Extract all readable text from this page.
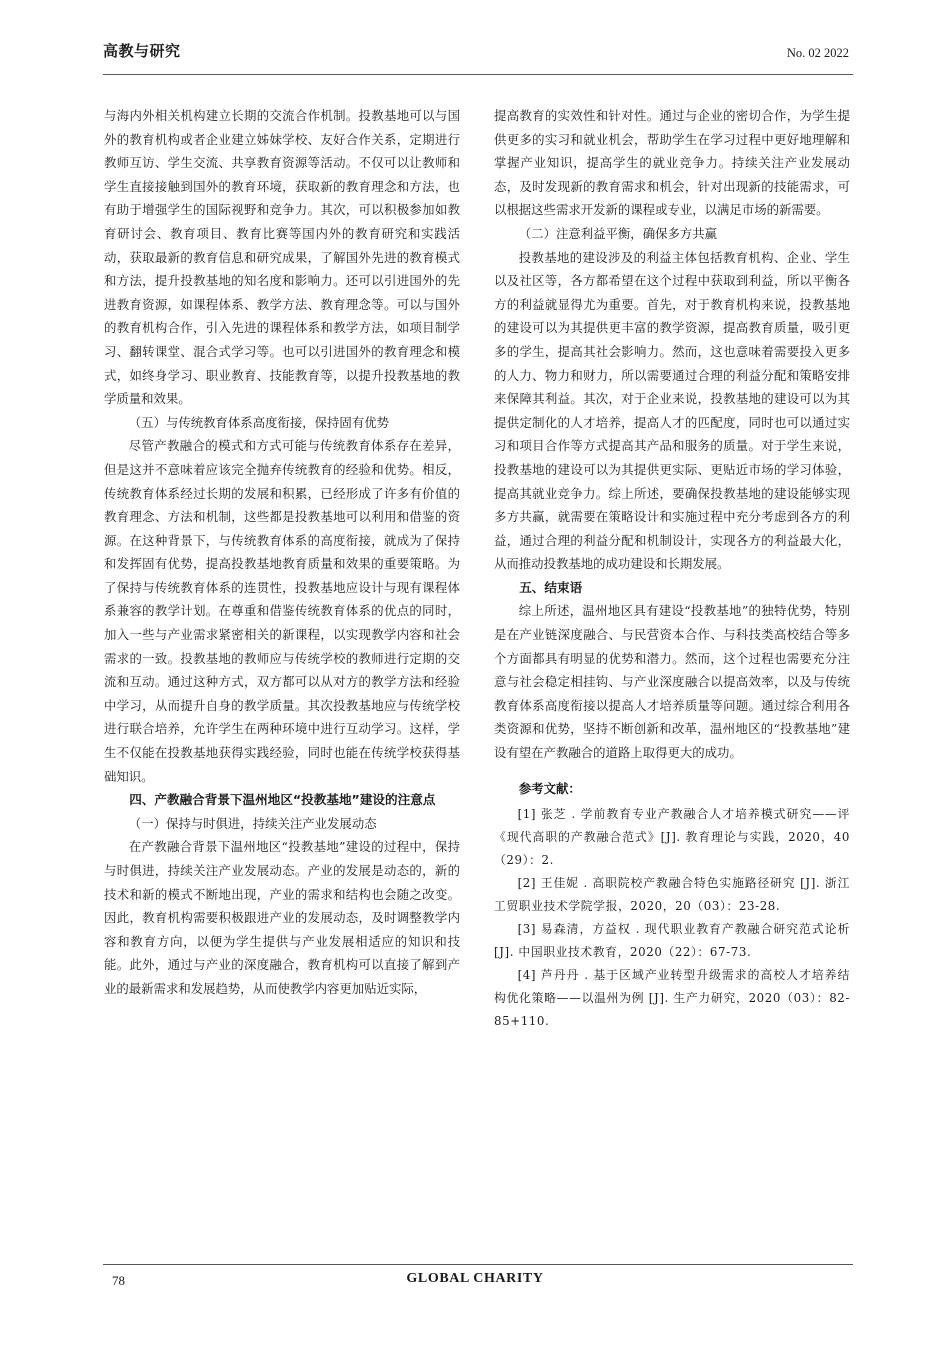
高教与研究	No. 02 2022

与海内外相关机构建立长期的交流合作机制。投教基地可以与国外的教育机构或者企业建立姊妹学校、友好合作关系，定期进行教师互访、学生交流、共享教育资源等活动。不仅可以让教师和学生直接接触到国外的教育环境，获取新的教育理念和方法，也有助于增强学生的国际视野和竞争力。其次，可以积极参加如教育研讨会、教育项目、教育比赛等国内外的教育研究和实践活动，获取最新的教育信息和研究成果，了解国外先进的教育模式和方法，提升投教基地的知名度和影响力。还可以引进国外的先进教育资源，如课程体系、教学方法、教育理念等。可以与国外的教育机构合作，引入先进的课程体系和教学方法，如项目制学习、翻转课堂、混合式学习等。也可以引进国外的教育理念和模式，如终身学习、职业教育、技能教育等，以提升投教基地的教学质量和效果。

（五）与传统教育体系高度衔接，保持固有优势

尽管产教融合的模式和方式可能与传统教育体系存在差异，但是这并不意味着应该完全抛弃传统教育的经验和优势。相反，传统教育体系经过长期的发展和积累，已经形成了许多有价值的教育理念、方法和机制，这些都是投教基地可以利用和借鉴的资源。在这种背景下，与传统教育体系的高度衔接，就成为了保持和发挥固有优势，提高投教基地教育质量和效果的重要策略。为了保持与传统教育体系的连贯性，投教基地应设计与现有课程体系兼容的教学计划。在尊重和借鉴传统教育体系的优点的同时，加入一些与产业需求紧密相关的新课程，以实现教学内容和社会需求的一致。投教基地的教师应与传统学校的教师进行定期的交流和互动。通过这种方式，双方都可以从对方的教学方法和经验中学习，从而提升自身的教学质量。其次投教基地应与传统学校进行联合培养，允许学生在两种环境中进行互动学习。这样，学生不仅能在投教基地获得实践经验，同时也能在传统学校获得基础知识。

四、产教融合背景下温州地区“投教基地”建设的注意点

（一）保持与时俱进，持续关注产业发展动态

在产教融合背景下温州地区“投教基地”建设的过程中，保持与时俱进，持续关注产业发展动态。产业的发展是动态的，新的技术和新的模式不断地出现，产业的需求和结构也会随之改变。因此，教育机构需要积极跟进产业的发展动态，及时调整教学内容和教育方向，以便为学生提供与产业发展相适应的知识和技能。此外，通过与产业的深度融合，教育机构可以直接了解到产业的最新需求和发展趋势，从而使教学内容更加贴近实际，

提高教育的实效性和针对性。通过与企业的密切合作，为学生提供更多的实习和就业机会，帮助学生在学习过程中更好地理解和掌握产业知识，提高学生的就业竞争力。持续关注产业发展动态，及时发现新的教育需求和机会，针对出现新的技能需求，可以根据这些需求开发新的课程或专业，以满足市场的新需要。

（二）注意利益平衡，确保多方共赢

投教基地的建设涉及的利益主体包括教育机构、企业、学生以及社区等，各方都希望在这个过程中获取到利益，所以平衡各方的利益就显得尤为重要。首先，对于教育机构来说，投教基地的建设可以为其提供更丰富的教学资源，提高教育质量，吸引更多的学生，提高其社会影响力。然而，这也意味着需要投入更多的人力、物力和财力，所以需要通过合理的利益分配和策略安排来保障其利益。其次，对于企业来说，投教基地的建设可以为其提供定制化的人才培养，提高人才的匹配度，同时也可以通过实习和项目合作等方式提高其产品和服务的质量。对于学生来说，投教基地的建设可以为其提供更实际、更贴近市场的学习体验，提高其就业竞争力。综上所述，要确保投教基地的建设能够实现多方共赢，就需要在策略设计和实施过程中充分考虑到各方的利益，通过合理的利益分配和机制设计，实现各方的利益最大化，从而推动投教基地的成功建设和长期发展。

五、结束语

综上所述，温州地区具有建设“投教基地”的独特优势，特别是在产业链深度融合、与民营资本合作、与科技类高校结合等多个方面都具有明显的优势和潜力。然而，这个过程也需要充分注意与社会稳定相挂钩、与产业深度融合以提高效率，以及与传统教育体系高度衔接以提高人才培养质量等问题。通过综合利用各类资源和优势，坚持不断创新和改革，温州地区的“投教基地”建设有望在产教融合的道路上取得更大的成功。

参考文献：

[1] 张芝 . 学前教育专业产教融合人才培养模式研究——评《现代高职的产教融合范式》[J]. 教育理论与实践，2020，40（29）：2.

[2] 王佳妮 . 高职院校产教融合特色实施路径研究 [J]. 浙江工贸职业技术学院学报，2020，20（03）：23-28.

[3] 易森清，方益权 . 现代职业教育产教融合研究范式论析 [J]. 中国职业技术教育，2020（22）：67-73.

[4] 芦丹丹 . 基于区域产业转型升级需求的高校人才培养结构优化策略——以温州为例 [J]. 生产力研究，2020（03）：82-85+110.

78	GLOBAL CHARITY
